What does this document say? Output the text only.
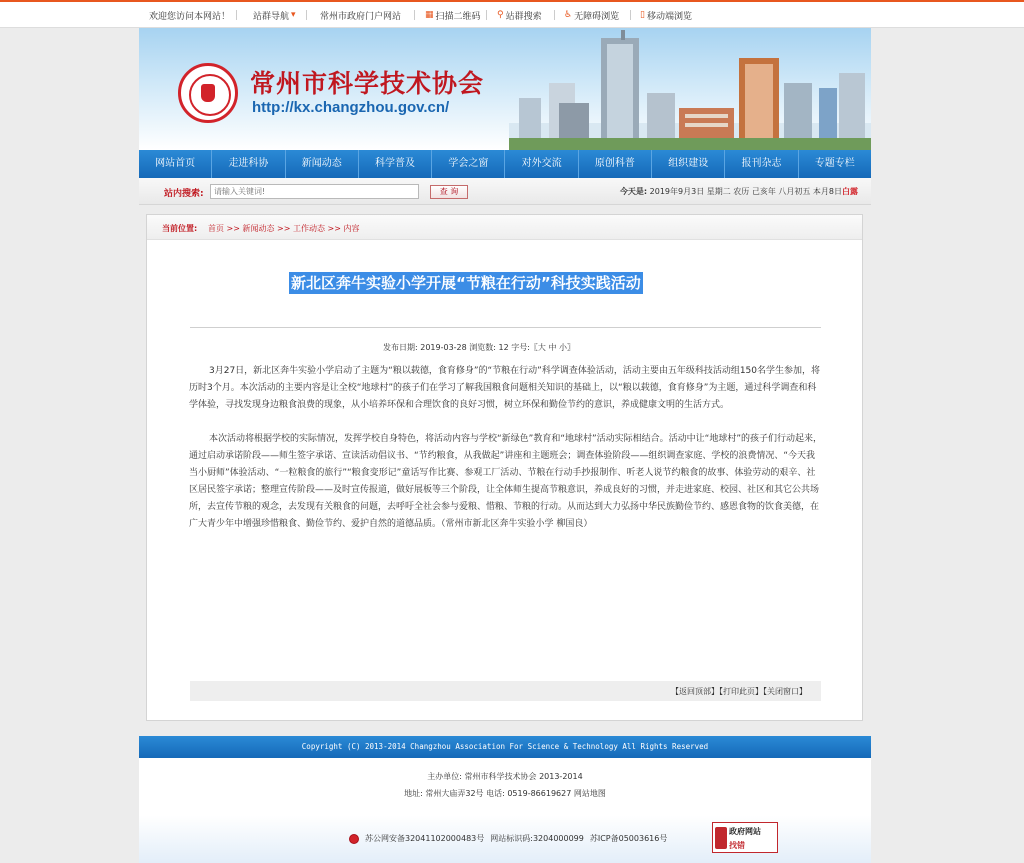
欢迎您访问本网站！	站群导航 ▾	常州市政府门户网站	▦ 扫描二维码 ⚲ 站群搜索 ♿ 无障碍浏览 ▯ 移动端浏览
常州市科学技术协会
http://kx.changzhou.gov.cn/
网站首页	走进科协	新闻动态	科学普及	学会之窗	对外交流	原创科普	组织建设	报刊杂志	专题专栏
站内搜索:
请输入关键词!	查 询	今天是: 2019年9月3日 星期二 农历 己亥年 八月初五 本月8日白露
当前位置: 首页 >> 新闻动态 >> 工作动态 >> 内容
新北区奔牛实验小学开展“节粮在行动”科技实践活动
发布日期: 2019-03-28 浏览数: 12 字号:〖大 中 小〗

3月27日，新北区奔牛实验小学启动了主题为“粮以载德，食育修身”的“节粮在行动”科学调查体验活动，活动主要由五年级科技活动组150名学生参加，将历时3个月。本次活动的主要内容是让全校“地球村”的孩子们在学习了解我国粮食问题相关知识的基础上，以“粮以载德，食育修身”为主题，通过科学调查和科学体验，寻找发现身边粮食浪费的现象，从小培养环保和合理饮食的良好习惯，树立环保和勤俭节约的意识，养成健康文明的生活方式。

本次活动将根据学校的实际情况，发挥学校自身特色，将活动内容与学校“新绿色”教育和“地球村”活动实际相结合。活动中让“地球村”的孩子们行动起来，通过启动承诺阶段——师生签字承诺、宣读活动倡议书、“节约粮食，从我做起”讲座和主题班会；调查体验阶段——组织调查家庭、学校的浪费情况、“今天我当小厨师”体验活动、“一粒粮食的旅行”“粮食变形记”童话写作比赛、参观工厂活动、节粮在行动手抄报制作、听老人说节约粮食的故事、体验劳动的艰辛、社区居民签字承诺；整理宣传阶段——及时宣传报道，做好展板等三个阶段，让全体师生提高节粮意识，养成良好的习惯，并走进家庭、校园、社区和其它公共场所，去宣传节粮的观念，去发现有关粮食的问题，去呼吁全社会参与爱粮、惜粮、节粮的行动。从而达到大力弘扬中华民族勤俭节约、感恩食物的饮食美德，在广大青少年中增强珍惜粮食、勤俭节约、爱护自然的道德品质。（常州市新北区奔牛实验小学 柳国良）

【返回顶部】【打印此页】【关闭窗口】
Copyright (C) 2013-2014 Changzhou Association For Science & Technology All Rights Reserved
主办单位: 常州市科学技术协会 2013-2014
地址: 常州大庙弄32号 电话: 0519-86619627 网站地图
苏公网安备32041102000483号 网站标识码:3204000099 苏ICP备05003616号
政府网站
找错
